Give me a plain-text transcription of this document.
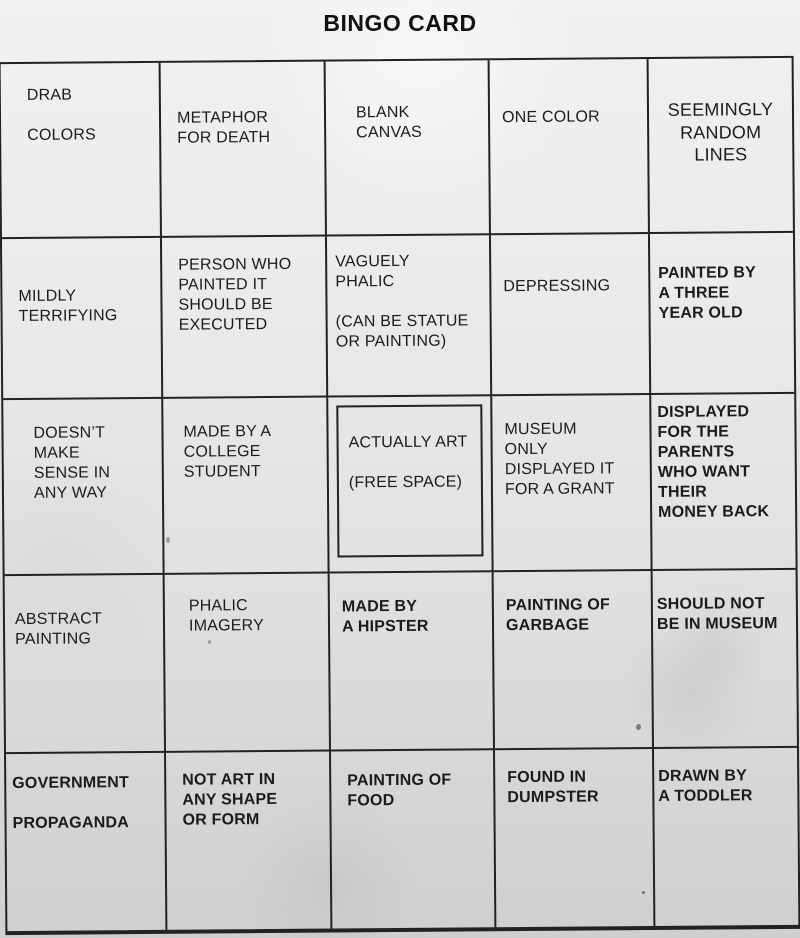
BINGO CARD
DRAB

COLORS
METAPHOR
FOR DEATH
BLANK
CANVAS
ONE COLOR	SEEMINGLY
RANDOM LINES
MILDLY
TERRIFYING
PERSON WHO
PAINTED IT
SHOULD BE
EXECUTED
VAGUELY
PHALIC

(CAN BE STATUE
OR PAINTING)
DEPRESSING
PAINTED BY
A THREE
YEAR OLD
DOESN’T
MAKE
SENSE IN
ANY WAY
MADE BY A
COLLEGE
STUDENT
ACTUALLY ART

(FREE SPACE)
MUSEUM
ONLY
DISPLAYED IT
FOR A GRANT
DISPLAYED
FOR THE
PARENTS
WHO WANT
THEIR
MONEY BACK
ABSTRACT
PAINTING
PHALIC
IMAGERY
MADE BY
A HIPSTER
PAINTING OF
GARBAGE
SHOULD NOT
BE IN MUSEUM
GOVERNMENT

PROPAGANDA
NOT ART IN
ANY SHAPE
OR FORM
PAINTING OF
FOOD
FOUND IN
DUMPSTER
DRAWN BY
A TODDLER
